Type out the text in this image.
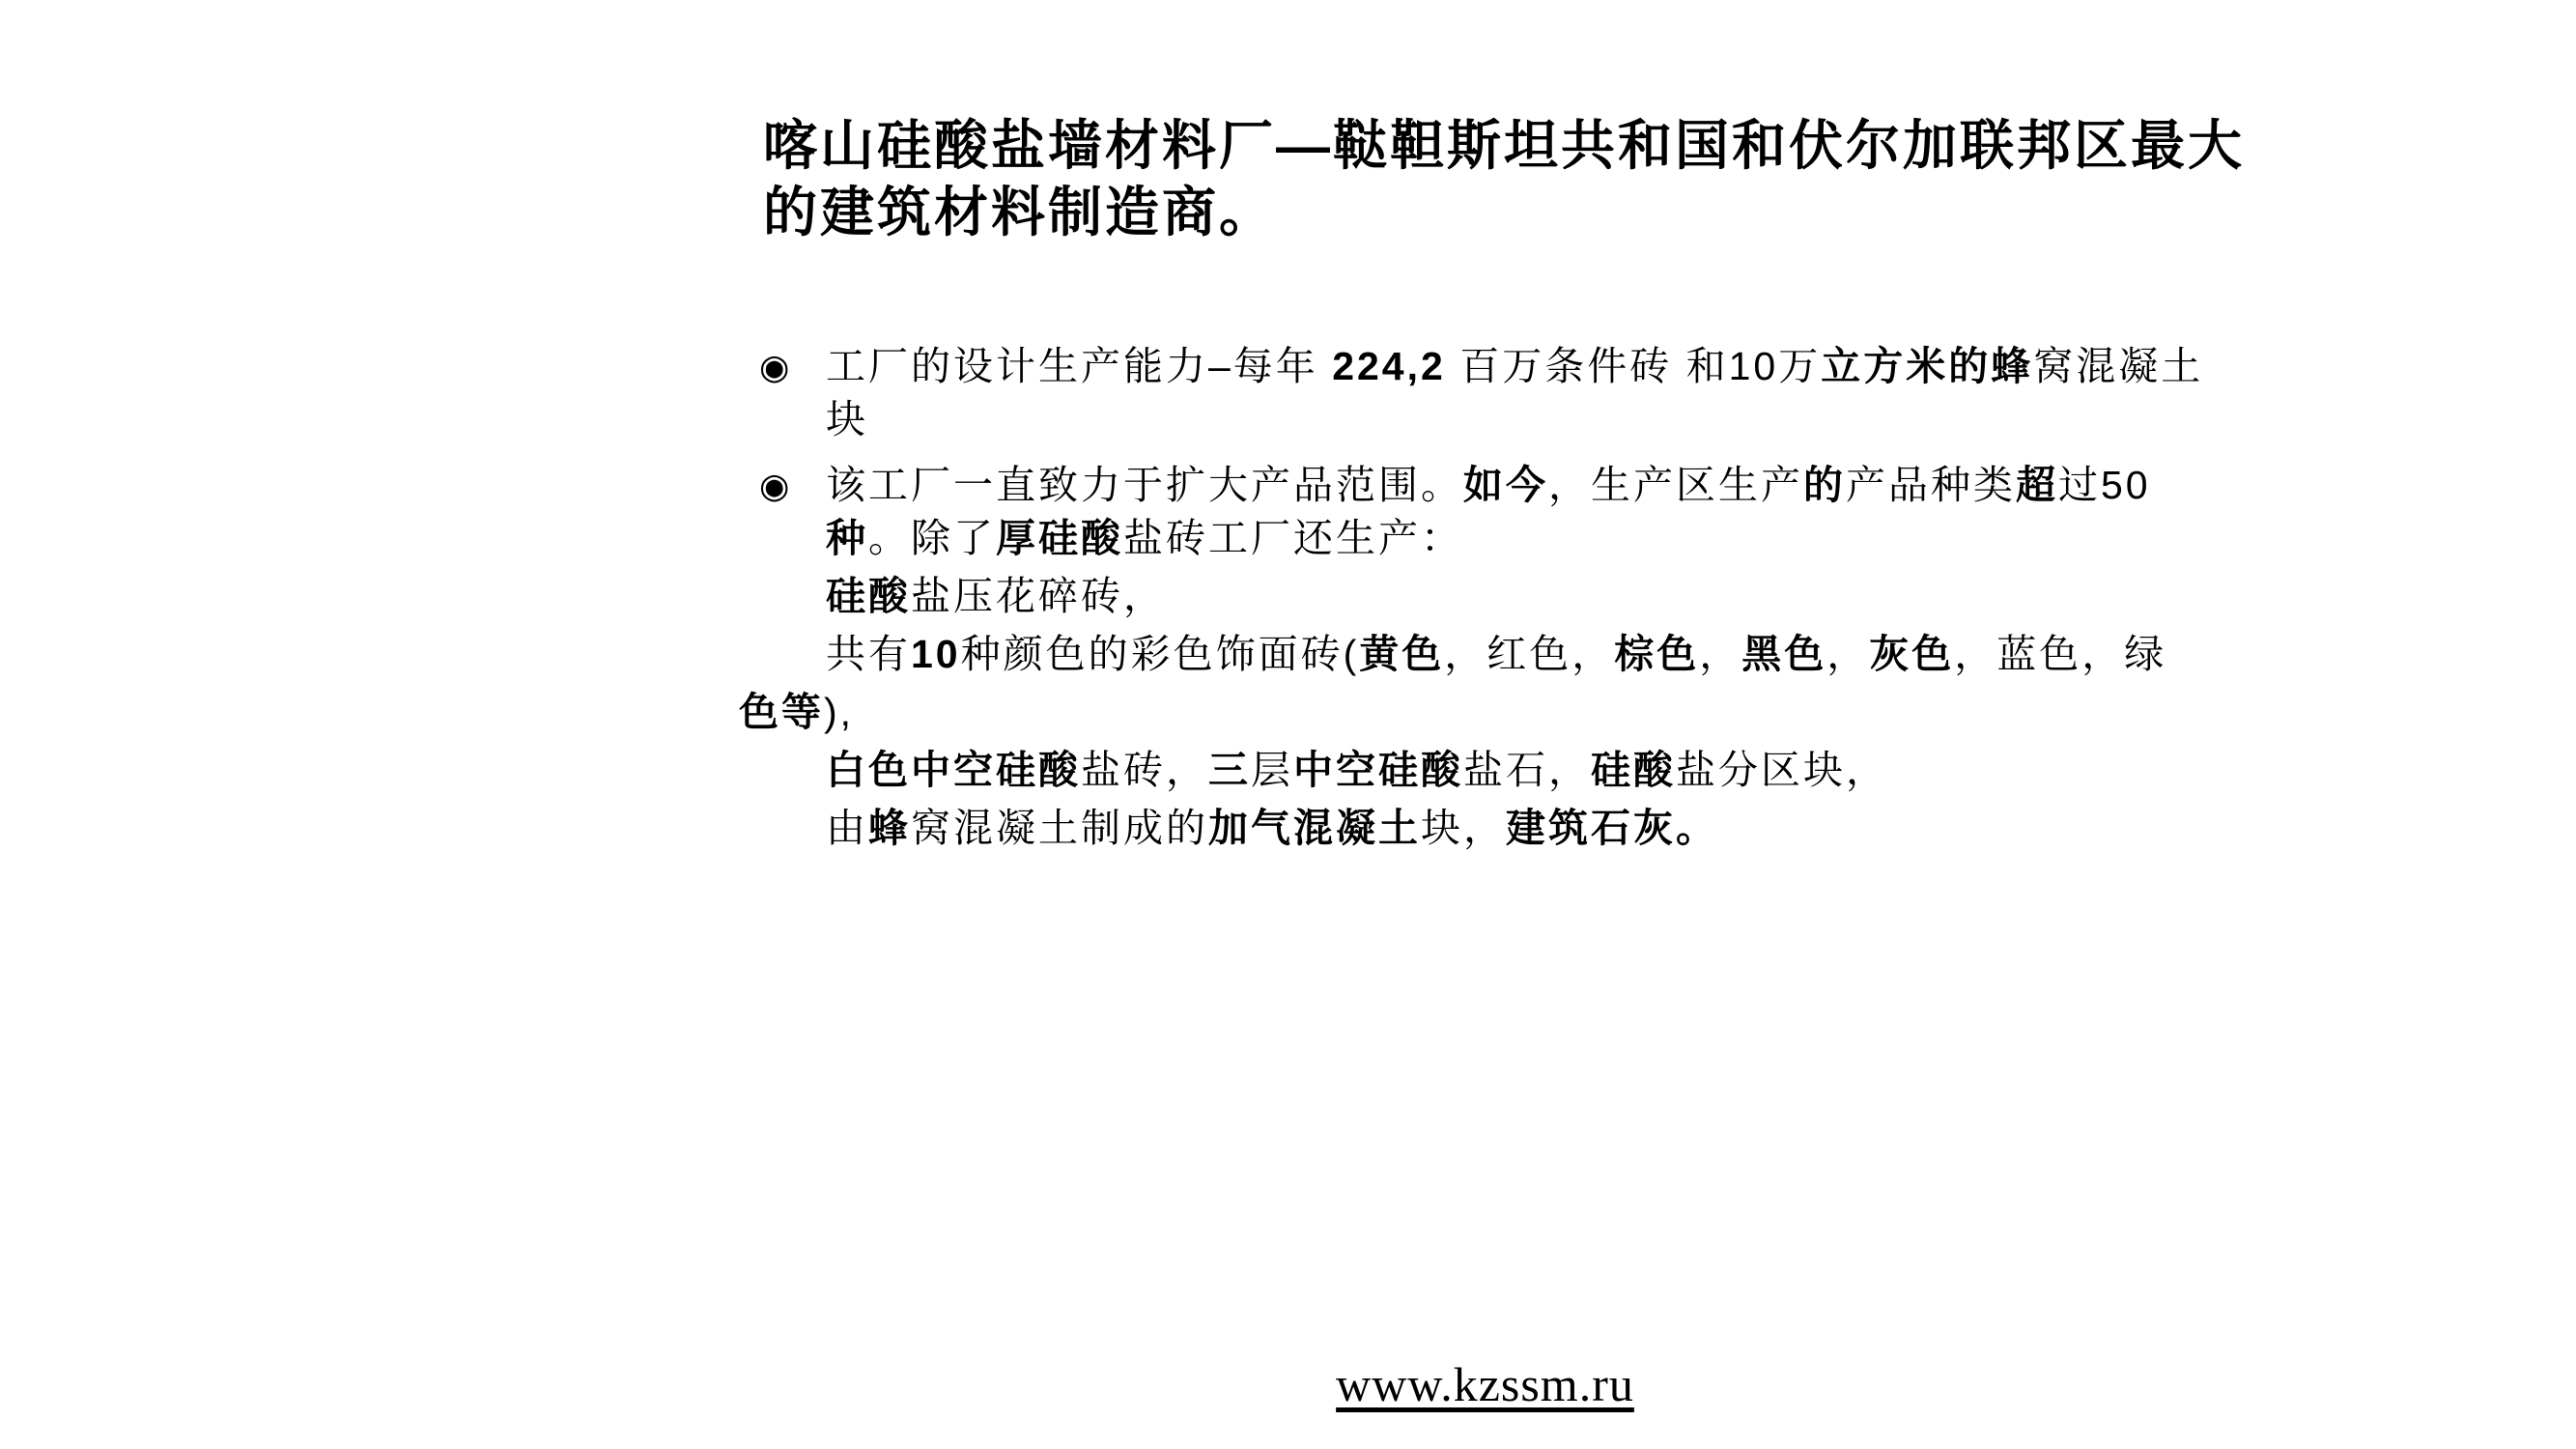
喀山硅酸盐墙材料厂—鞑靼斯坦共和国和伏尔加联邦区最大
的建筑材料制造商。
◉ 工厂的设计生产能力–每年 224,2 百万条件砖 和10万立方米的蜂窝混凝土
块
◉ 该工厂一直致力于扩大产品范围。如今，生产区生产的产品种类超过50
种。除了厚硅酸盐砖工厂还生产：
硅酸盐压花碎砖，
共有10种颜色的彩色饰面砖(黄色，红色，棕色，黑色，灰色，蓝色，绿
色等),
白色中空硅酸盐砖，三层中空硅酸盐石，硅酸盐分区块，
由蜂窝混凝土制成的加气混凝土块，建筑石灰。
www.kzssm.ru
